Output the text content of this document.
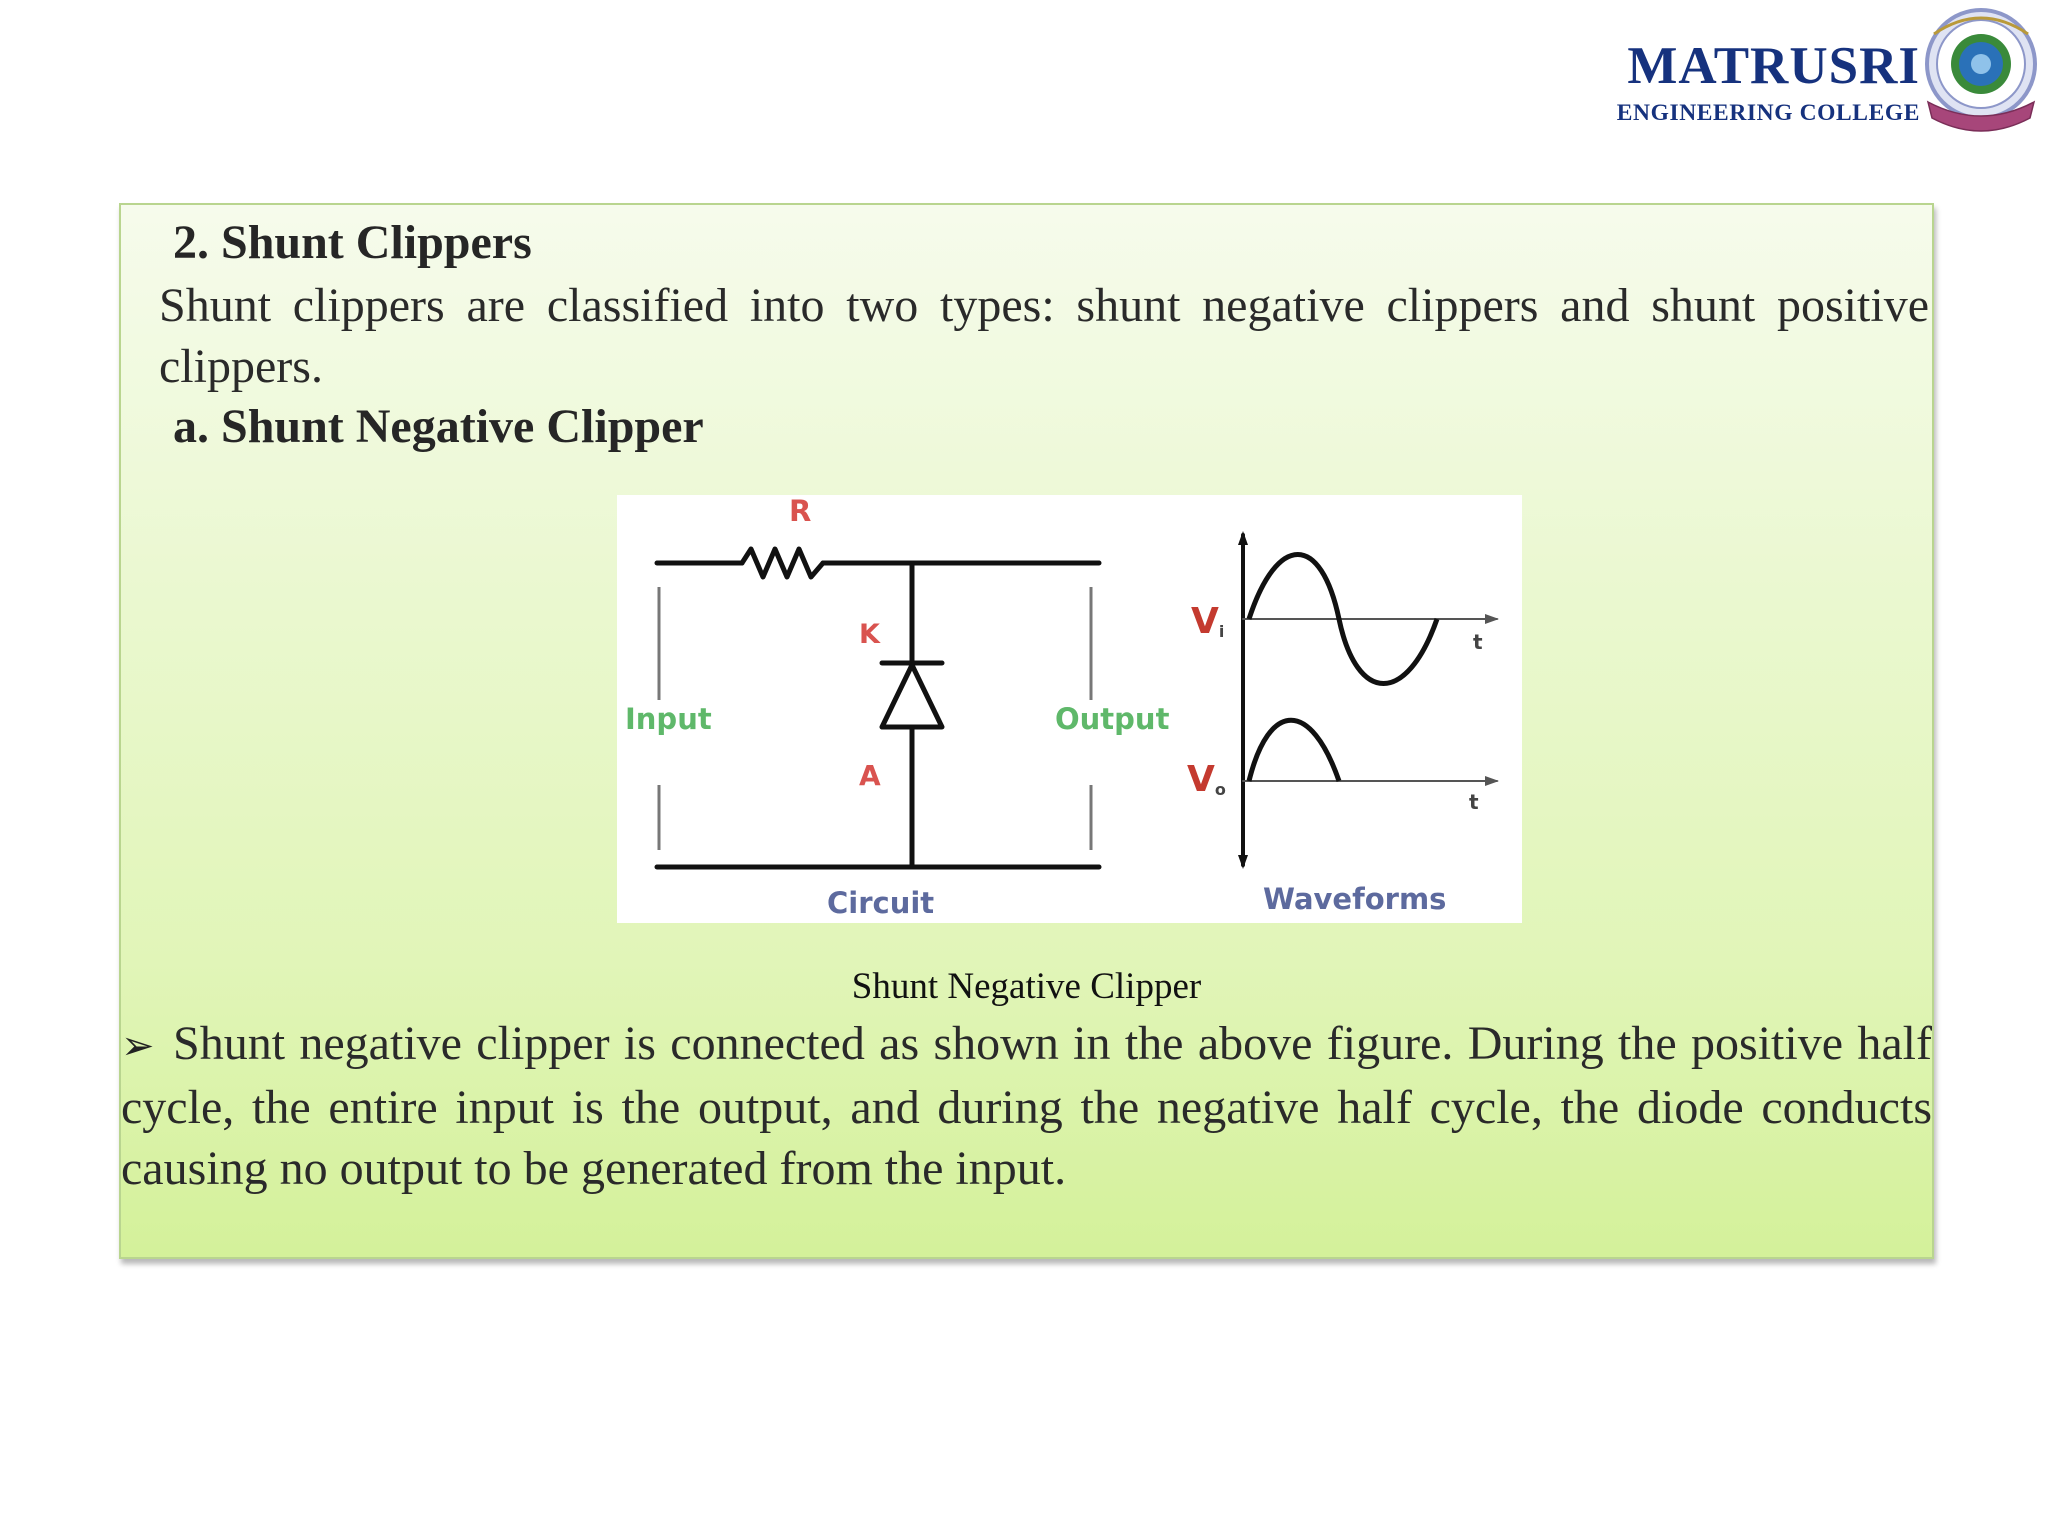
MATRUSRI
ENGINEERING COLLEGE
2. Shunt Clippers

Shunt clippers are classified into two types: shunt negative clippers and shunt positive clippers.

a. Shunt Negative Clipper
R
K
A
Input	Output
Circuit
Vi
Vo
t
t
Waveforms

Shunt Negative Clipper

➢ Shunt negative clipper is connected as shown in the above figure. During the positive half cycle, the entire input is the output, and during the negative half cycle, the diode conducts causing no output to be generated from the input.
